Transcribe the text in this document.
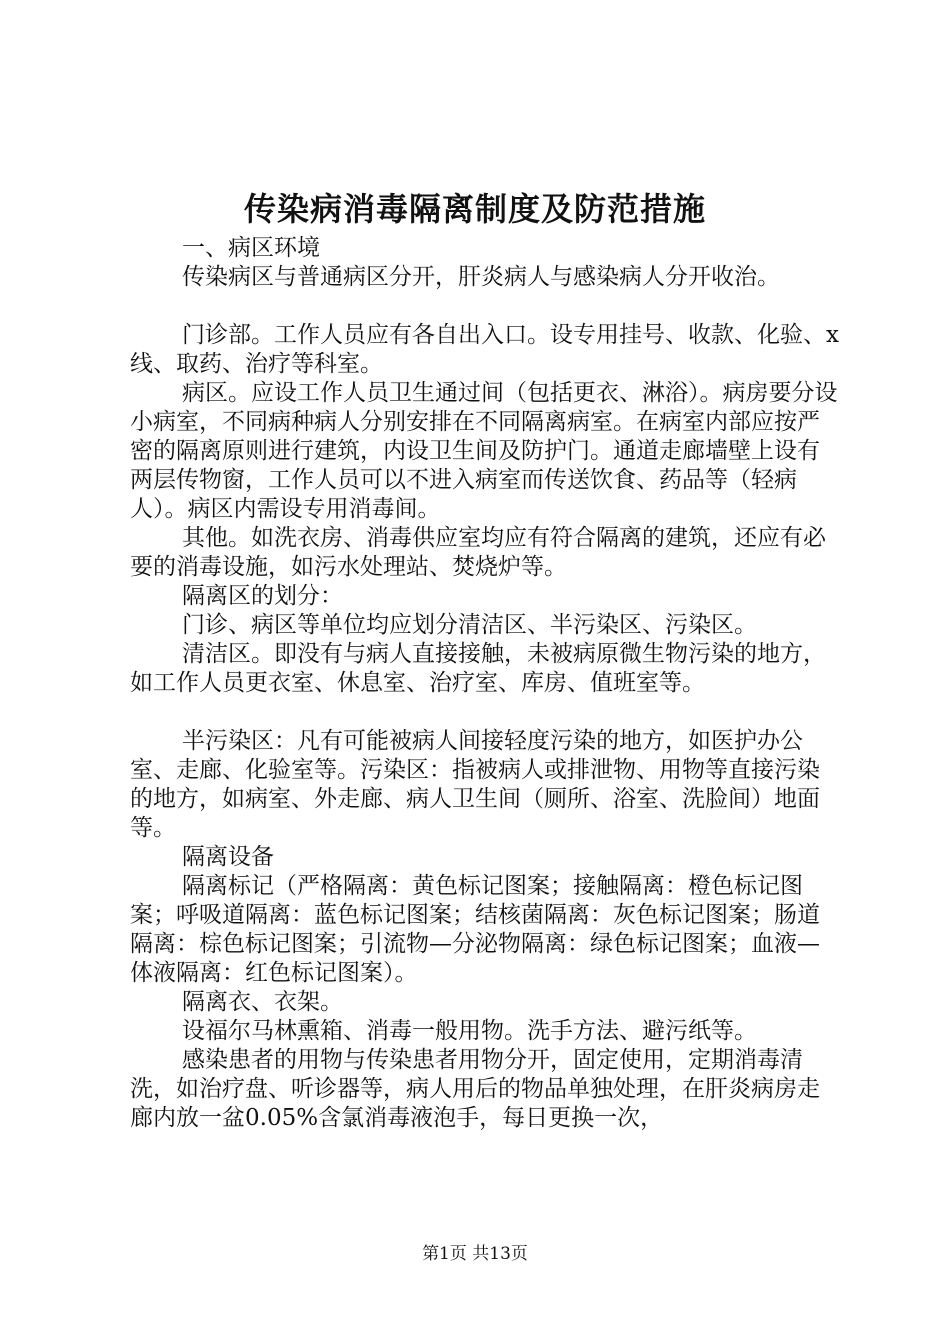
传染病消毒隔离制度及防范措施

一、病区环境

传染病区与普通病区分开，肝炎病人与感染病人分开收治。

门诊部。工作人员应有各自出入口。设专用挂号、收款、化验、x线、取药、治疗等科室。

病区。应设工作人员卫生通过间（包括更衣、淋浴）。病房要分设小病室，不同病种病人分别安排在不同隔离病室。在病室内部应按严密的隔离原则进行建筑，内设卫生间及防护门。通道走廊墙壁上设有两层传物窗，工作人员可以不进入病室而传送饮食、药品等（轻病人）。病区内需设专用消毒间。

其他。如洗衣房、消毒供应室均应有符合隔离的建筑，还应有必要的消毒设施，如污水处理站、焚烧炉等。

隔离区的划分：

门诊、病区等单位均应划分清洁区、半污染区、污染区。

清洁区。即没有与病人直接接触，未被病原微生物污染的地方，如工作人员更衣室、休息室、治疗室、库房、值班室等。

半污染区：凡有可能被病人间接轻度污染的地方，如医护办公室、走廊、化验室等。污染区：指被病人或排泄物、用物等直接污染的地方，如病室、外走廊、病人卫生间（厕所、浴室、洗脸间）地面等。

隔离设备

隔离标记（严格隔离：黄色标记图案；接触隔离：橙色标记图案；呼吸道隔离：蓝色标记图案；结核菌隔离：灰色标记图案；肠道隔离：棕色标记图案；引流物—分泌物隔离：绿色标记图案；血液—体液隔离：红色标记图案）。

隔离衣、衣架。

设福尔马林熏箱、消毒一般用物。洗手方法、避污纸等。

感染患者的用物与传染患者用物分开，固定使用，定期消毒清洗，如治疗盘、听诊器等，病人用后的物品单独处理，在肝炎病房走廊内放一盆0.05%含氯消毒液泡手，每日更换一次，

第1页 共13页
